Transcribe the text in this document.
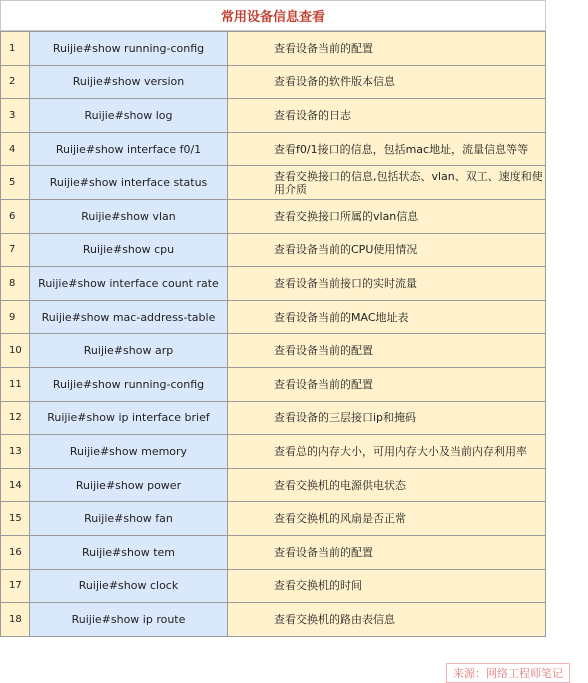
常用设备信息查看
1	Ruijie#show running-config	查看设备当前的配置
2	Ruijie#show version	查看设备的软件版本信息
3	Ruijie#show log	查看设备的日志
4	Ruijie#show interface f0/1	查看f0/1接口的信息，包括mac地址，流量信息等等
5	Ruijie#show interface status	查看交换接口的信息,包括状态、vlan、双工、速度和使用介质
6	Ruijie#show vlan	查看交换接口所属的vlan信息
7	Ruijie#show cpu	查看设备当前的CPU使用情况
8	Ruijie#show interface count rate	查看设备当前接口的实时流量
9	Ruijie#show mac-address-table	查看设备当前的MAC地址表
10	Ruijie#show arp	查看设备当前的配置
11	Ruijie#show running-config	查看设备当前的配置
12	Ruijie#show ip interface brief	查看设备的三层接口ip和掩码
13	Ruijie#show memory	查看总的内存大小，可用内存大小及当前内存利用率
14	Ruijie#show power	查看交换机的电源供电状态
15	Ruijie#show fan	查看交换机的风扇是否正常
16	Ruijie#show tem	查看设备当前的配置
17	Ruijie#show clock	查看交换机的时间
18	Ruijie#show ip route	查看交换机的路由表信息
来源：网络工程师笔记
